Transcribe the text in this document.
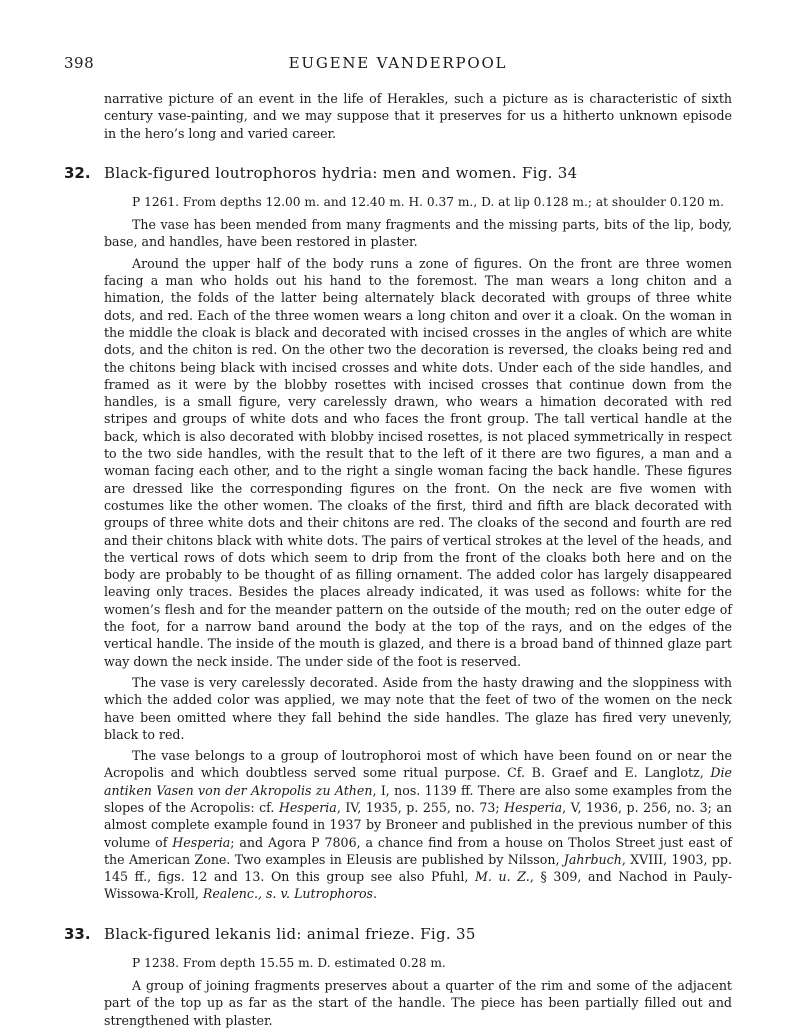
398	EUGENE VANDERPOOL

narrative picture of an event in the life of Herakles, such a picture as is characteristic of sixth century vase-painting, and we may suppose that it preserves for us a hitherto unknown episode in the hero’s long and varied career.

32. Black-figured loutrophoros hydria: men and women. Fig. 34

P 1261. From depths 12.00 m. and 12.40 m. H. 0.37 m., D. at lip 0.128 m.; at shoulder 0.120 m.

The vase has been mended from many fragments and the missing parts, bits of the lip, body, base, and handles, have been restored in plaster.

Around the upper half of the body runs a zone of figures. On the front are three women facing a man who holds out his hand to the foremost. The man wears a long chiton and a himation, the folds of the latter being alternately black decorated with groups of three white dots, and red. Each of the three women wears a long chiton and over it a cloak. On the woman in the middle the cloak is black and decorated with incised crosses in the angles of which are white dots, and the chiton is red. On the other two the decoration is reversed, the cloaks being red and the chitons being black with incised crosses and white dots. Under each of the side handles, and framed as it were by the blobby rosettes with incised crosses that continue down from the handles, is a small figure, very carelessly drawn, who wears a himation decorated with red stripes and groups of white dots and who faces the front group. The tall vertical handle at the back, which is also decorated with blobby incised rosettes, is not placed symmetrically in respect to the two side handles, with the result that to the left of it there are two figures, a man and a woman facing each other, and to the right a single woman facing the back handle. These figures are dressed like the corresponding figures on the front. On the neck are five women with costumes like the other women. The cloaks of the first, third and fifth are black decorated with groups of three white dots and their chitons are red. The cloaks of the second and fourth are red and their chitons black with white dots. The pairs of vertical strokes at the level of the heads, and the vertical rows of dots which seem to drip from the front of the cloaks both here and on the body are probably to be thought of as filling ornament. The added color has largely disappeared leaving only traces. Besides the places already indicated, it was used as follows: white for the women’s flesh and for the meander pattern on the outside of the mouth; red on the outer edge of the foot, for a narrow band around the body at the top of the rays, and on the edges of the vertical handle. The inside of the mouth is glazed, and there is a broad band of thinned glaze part way down the neck inside. The under side of the foot is reserved.

The vase is very carelessly decorated. Aside from the hasty drawing and the sloppiness with which the added color was applied, we may note that the feet of two of the women on the neck have been omitted where they fall behind the side handles. The glaze has fired very unevenly, black to red.

The vase belongs to a group of loutrophoroi most of which have been found on or near the Acropolis and which doubtless served some ritual purpose. Cf. B. Graef and E. Langlotz, Die antiken Vasen von der Akropolis zu Athen, I, nos. 1139 ff. There are also some examples from the slopes of the Acropolis: cf. Hesperia, IV, 1935, p. 255, no. 73; Hesperia, V, 1936, p. 256, no. 3; an almost complete example found in 1937 by Broneer and published in the previous number of this volume of Hesperia; and Agora P 7806, a chance find from a house on Tholos Street just east of the American Zone. Two examples in Eleusis are published by Nilsson, Jahrbuch, XVIII, 1903, pp. 145 ff., figs. 12 and 13. On this group see also Pfuhl, M. u. Z., § 309, and Nachod in Pauly-Wissowa-Kroll, Realenc., s. v. Lutrophoros.

33. Black-figured lekanis lid: animal frieze. Fig. 35

P 1238. From depth 15.55 m. D. estimated 0.28 m.

A group of joining fragments preserves about a quarter of the rim and some of the adjacent part of the top up as far as the start of the handle. The piece has been partially filled out and strengthened with plaster.
